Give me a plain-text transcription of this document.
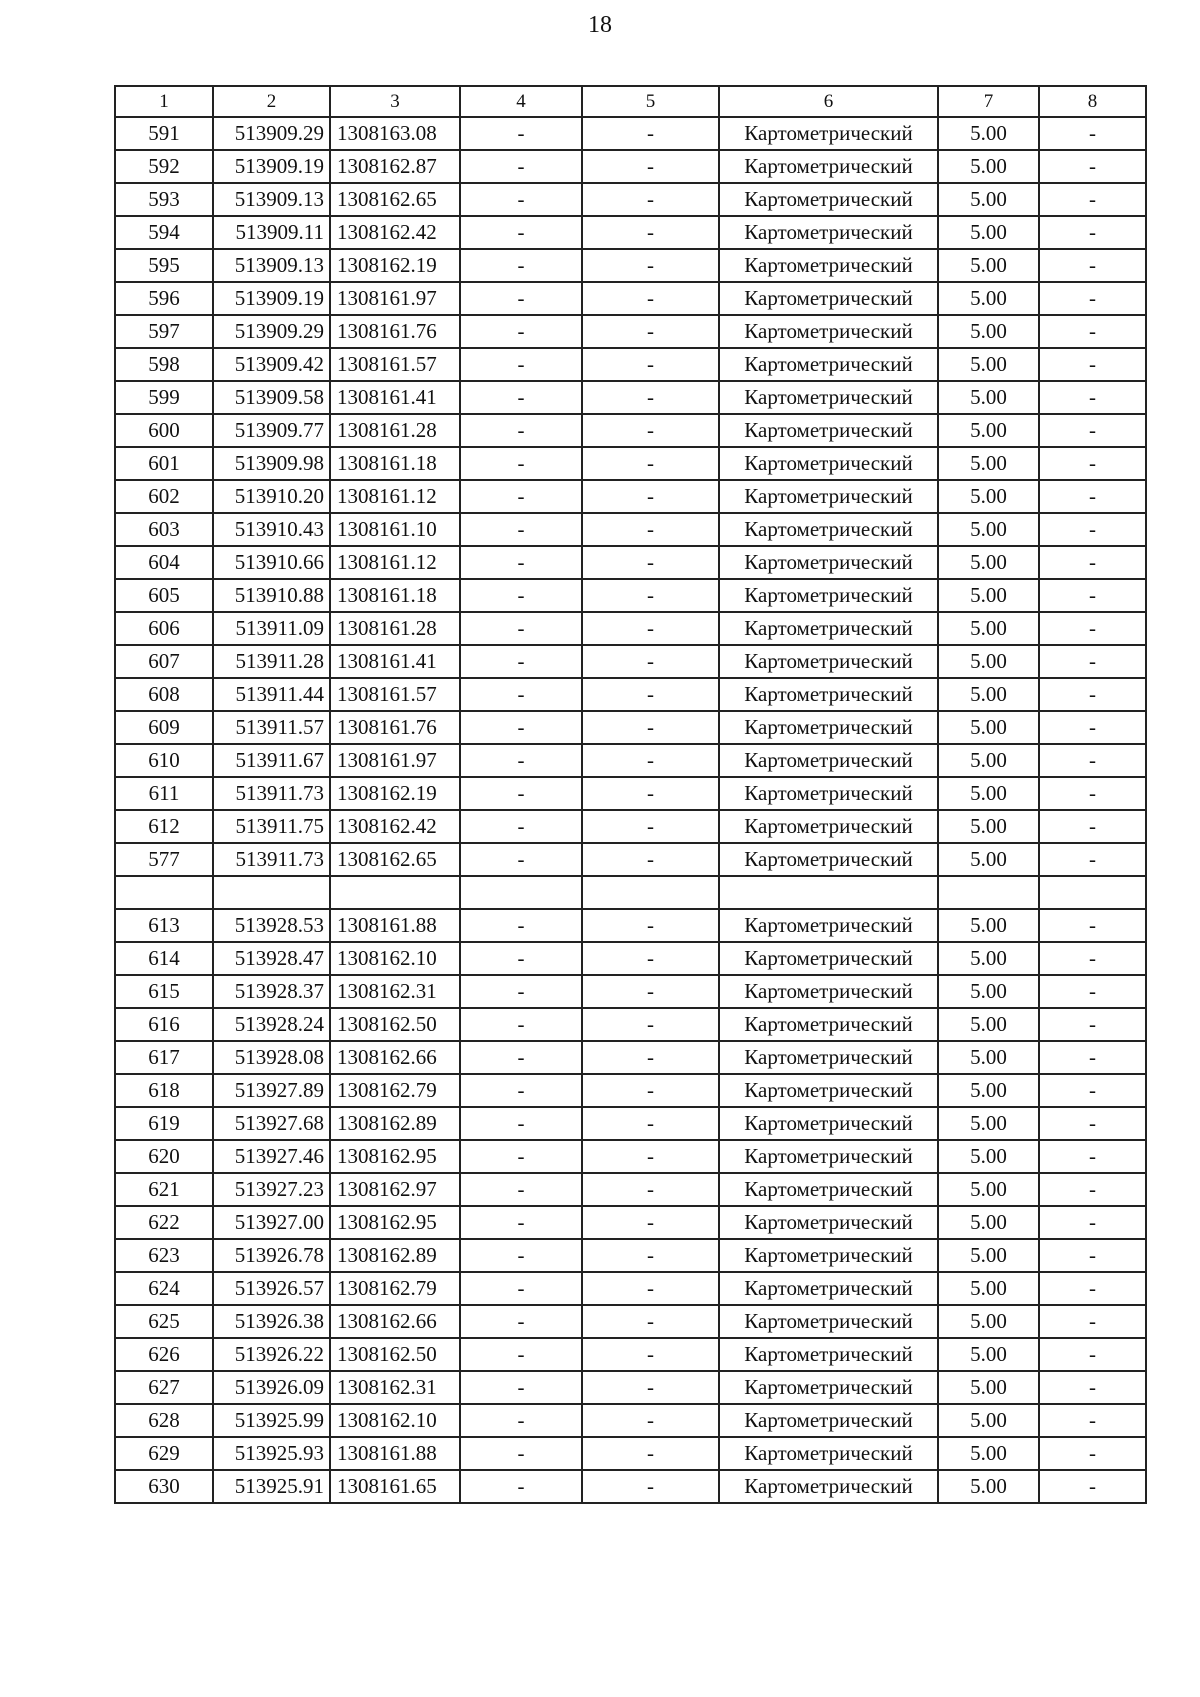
18
1	2	3	4	5	6	7	8
591	513909.29	1308163.08	-	-	Картометрический	5.00	-
592	513909.19	1308162.87	-	-	Картометрический	5.00	-
593	513909.13	1308162.65	-	-	Картометрический	5.00	-
594	513909.11	1308162.42	-	-	Картометрический	5.00	-
595	513909.13	1308162.19	-	-	Картометрический	5.00	-
596	513909.19	1308161.97	-	-	Картометрический	5.00	-
597	513909.29	1308161.76	-	-	Картометрический	5.00	-
598	513909.42	1308161.57	-	-	Картометрический	5.00	-
599	513909.58	1308161.41	-	-	Картометрический	5.00	-
600	513909.77	1308161.28	-	-	Картометрический	5.00	-
601	513909.98	1308161.18	-	-	Картометрический	5.00	-
602	513910.20	1308161.12	-	-	Картометрический	5.00	-
603	513910.43	1308161.10	-	-	Картометрический	5.00	-
604	513910.66	1308161.12	-	-	Картометрический	5.00	-
605	513910.88	1308161.18	-	-	Картометрический	5.00	-
606	513911.09	1308161.28	-	-	Картометрический	5.00	-
607	513911.28	1308161.41	-	-	Картометрический	5.00	-
608	513911.44	1308161.57	-	-	Картометрический	5.00	-
609	513911.57	1308161.76	-	-	Картометрический	5.00	-
610	513911.67	1308161.97	-	-	Картометрический	5.00	-
611	513911.73	1308162.19	-	-	Картометрический	5.00	-
612	513911.75	1308162.42	-	-	Картометрический	5.00	-
577	513911.73	1308162.65	-	-	Картометрический	5.00	-

613	513928.53	1308161.88	-	-	Картометрический	5.00	-
614	513928.47	1308162.10	-	-	Картометрический	5.00	-
615	513928.37	1308162.31	-	-	Картометрический	5.00	-
616	513928.24	1308162.50	-	-	Картометрический	5.00	-
617	513928.08	1308162.66	-	-	Картометрический	5.00	-
618	513927.89	1308162.79	-	-	Картометрический	5.00	-
619	513927.68	1308162.89	-	-	Картометрический	5.00	-
620	513927.46	1308162.95	-	-	Картометрический	5.00	-
621	513927.23	1308162.97	-	-	Картометрический	5.00	-
622	513927.00	1308162.95	-	-	Картометрический	5.00	-
623	513926.78	1308162.89	-	-	Картометрический	5.00	-
624	513926.57	1308162.79	-	-	Картометрический	5.00	-
625	513926.38	1308162.66	-	-	Картометрический	5.00	-
626	513926.22	1308162.50	-	-	Картометрический	5.00	-
627	513926.09	1308162.31	-	-	Картометрический	5.00	-
628	513925.99	1308162.10	-	-	Картометрический	5.00	-
629	513925.93	1308161.88	-	-	Картометрический	5.00	-
630	513925.91	1308161.65	-	-	Картометрический	5.00	-
